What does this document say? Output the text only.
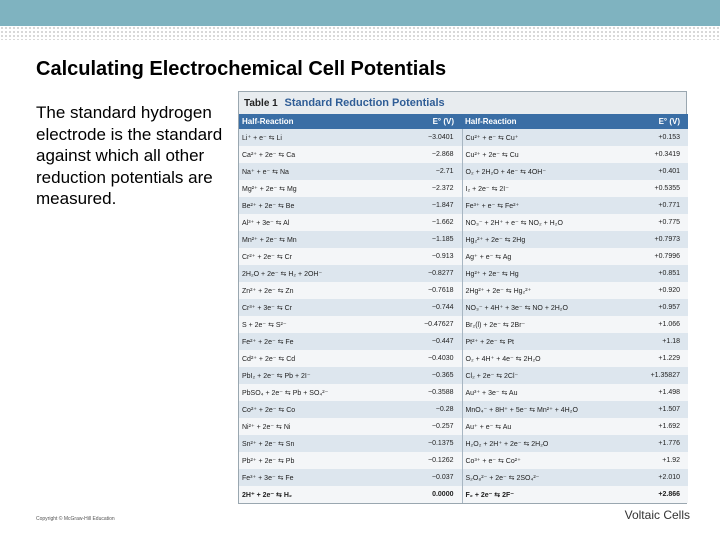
Calculating Electrochemical Cell Potentials

The standard hydrogen electrode is the standard against which all other reduction potentials are measured.

Table 1 Standard Reduction Potentials
Half-Reaction	E° (V)	Half-Reaction	E° (V)
Li⁺ + e⁻ ⇆ Li	−3.0401	Cu²⁺ + e⁻ ⇆ Cu⁺	+0.153
Ca²⁺ + 2e⁻ ⇆ Ca	−2.868	Cu²⁺ + 2e⁻ ⇆ Cu	+0.3419
Na⁺ + e⁻ ⇆ Na	−2.71	O₂ + 2H₂O + 4e⁻ ⇆ 4OH⁻	+0.401
Mg²⁺ + 2e⁻ ⇆ Mg	−2.372	I₂ + 2e⁻ ⇆ 2I⁻	+0.5355
Be²⁺ + 2e⁻ ⇆ Be	−1.847	Fe³⁺ + e⁻ ⇆ Fe²⁺	+0.771
Al³⁺ + 3e⁻ ⇆ Al	−1.662	NO₃⁻ + 2H⁺ + e⁻ ⇆ NO₂ + H₂O	+0.775
Mn²⁺ + 2e⁻ ⇆ Mn	−1.185	Hg₂²⁺ + 2e⁻ ⇆ 2Hg	+0.7973
Cr²⁺ + 2e⁻ ⇆ Cr	−0.913	Ag⁺ + e⁻ ⇆ Ag	+0.7996
2H₂O + 2e⁻ ⇆ H₂ + 2OH⁻	−0.8277	Hg²⁺ + 2e⁻ ⇆ Hg	+0.851
Zn²⁺ + 2e⁻ ⇆ Zn	−0.7618	2Hg²⁺ + 2e⁻ ⇆ Hg₂²⁺	+0.920
Cr³⁺ + 3e⁻ ⇆ Cr	−0.744	NO₃⁻ + 4H⁺ + 3e⁻ ⇆ NO + 2H₂O	+0.957
S + 2e⁻ ⇆ S²⁻	−0.47627	Br₂(l) + 2e⁻ ⇆ 2Br⁻	+1.066
Fe²⁺ + 2e⁻ ⇆ Fe	−0.447	Pt²⁺ + 2e⁻ ⇆ Pt	+1.18
Cd²⁺ + 2e⁻ ⇆ Cd	−0.4030	O₂ + 4H⁺ + 4e⁻ ⇆ 2H₂O	+1.229
PbI₂ + 2e⁻ ⇆ Pb + 2I⁻	−0.365	Cl₂ + 2e⁻ ⇆ 2Cl⁻	+1.35827
PbSO₄ + 2e⁻ ⇆ Pb + SO₄²⁻	−0.3588	Au³⁺ + 3e⁻ ⇆ Au	+1.498
Co²⁺ + 2e⁻ ⇆ Co	−0.28	MnO₄⁻ + 8H⁺ + 5e⁻ ⇆ Mn²⁺ + 4H₂O	+1.507
Ni²⁺ + 2e⁻ ⇆ Ni	−0.257	Au⁺ + e⁻ ⇆ Au	+1.692
Sn²⁺ + 2e⁻ ⇆ Sn	−0.1375	H₂O₂ + 2H⁺ + 2e⁻ ⇆ 2H₂O	+1.776
Pb²⁺ + 2e⁻ ⇆ Pb	−0.1262	Co³⁺ + e⁻ ⇆ Co²⁺	+1.92
Fe³⁺ + 3e⁻ ⇆ Fe	−0.037	S₂O₈²⁻ + 2e⁻ ⇆ 2SO₄²⁻	+2.010
2H⁺ + 2e⁻ ⇆ H₂	0.0000	F₂ + 2e⁻ ⇆ 2F⁻	+2.866
Copyright © McGraw-Hill Education	Voltaic Cells
